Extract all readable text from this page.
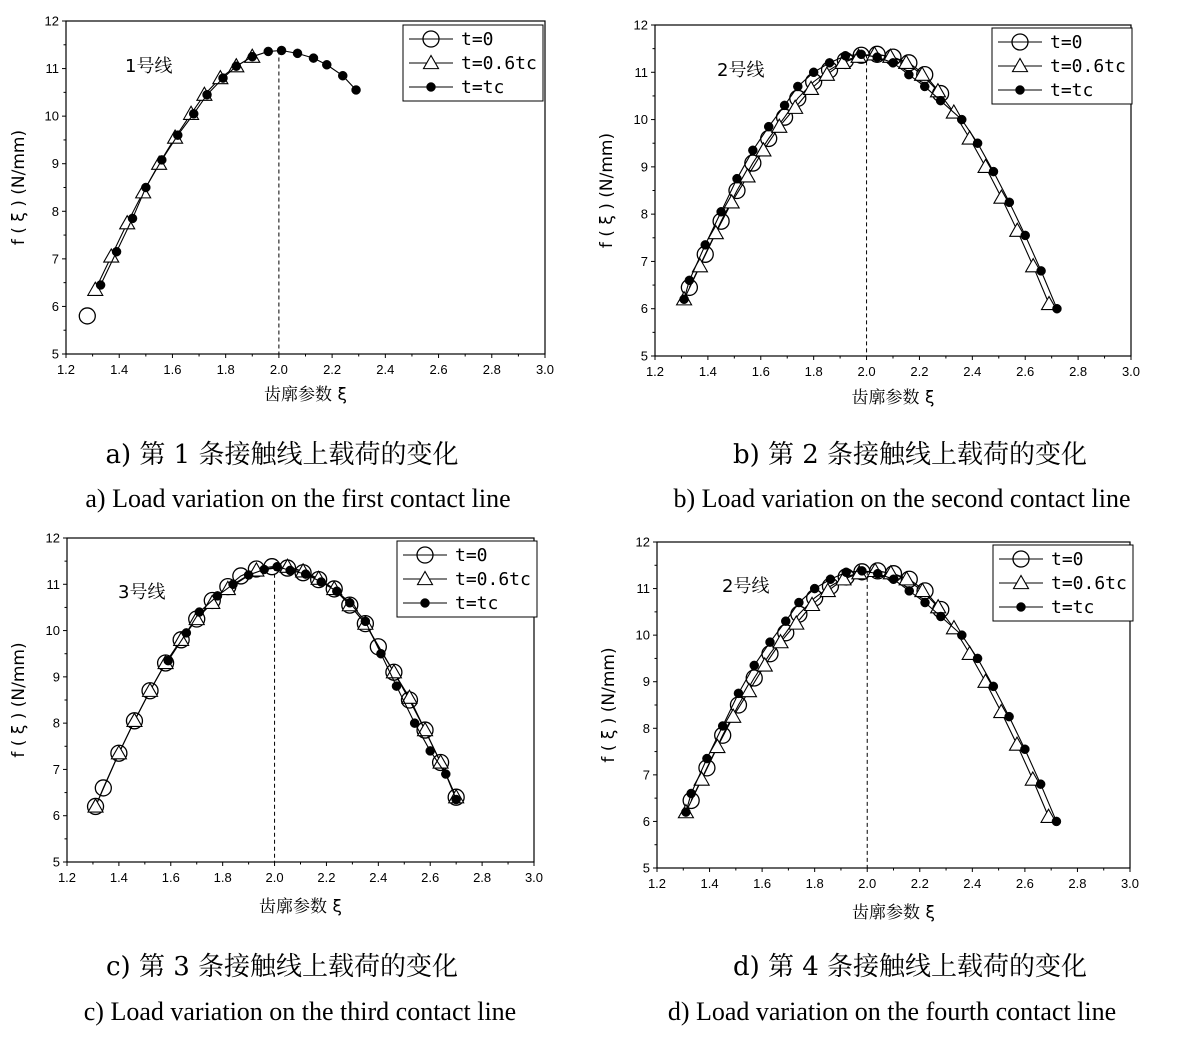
1.2	1.4	1.6	1.8	2.0	2.2	2.4	2.6	2.8	3.0
5
6
7
8
9
10
11
12
齿廓参数 ξ
f ( ξ ) (N/mm)
1号线
t=0
t=0.6tc
t=tc
1.2	1.4	1.6	1.8	2.0	2.2	2.4	2.6	2.8	3.0
5
6
7
8
9
10
11
12
齿廓参数 ξ
f ( ξ ) (N/mm)
2号线
t=0
t=0.6tc
t=tc
1.2	1.4	1.6	1.8	2.0	2.2	2.4	2.6	2.8	3.0
5
6
7
8
9
10
11
12
齿廓参数 ξ
f ( ξ ) (N/mm)
3号线
t=0
t=0.6tc
t=tc
1.2	1.4	1.6	1.8	2.0	2.2	2.4	2.6	2.8	3.0
5
6
7
8
9
10
11
12
齿廓参数 ξ
f ( ξ ) (N/mm)
2号线
t=0
t=0.6tc
t=tc
a) 第 1 条接触线上载荷的变化
a) Load variation on the first contact line
b) 第 2 条接触线上载荷的变化
b) Load variation on the second contact line
c) 第 3 条接触线上载荷的变化
c) Load variation on the third contact line
d) 第 4 条接触线上载荷的变化
d) Load variation on the fourth contact line
